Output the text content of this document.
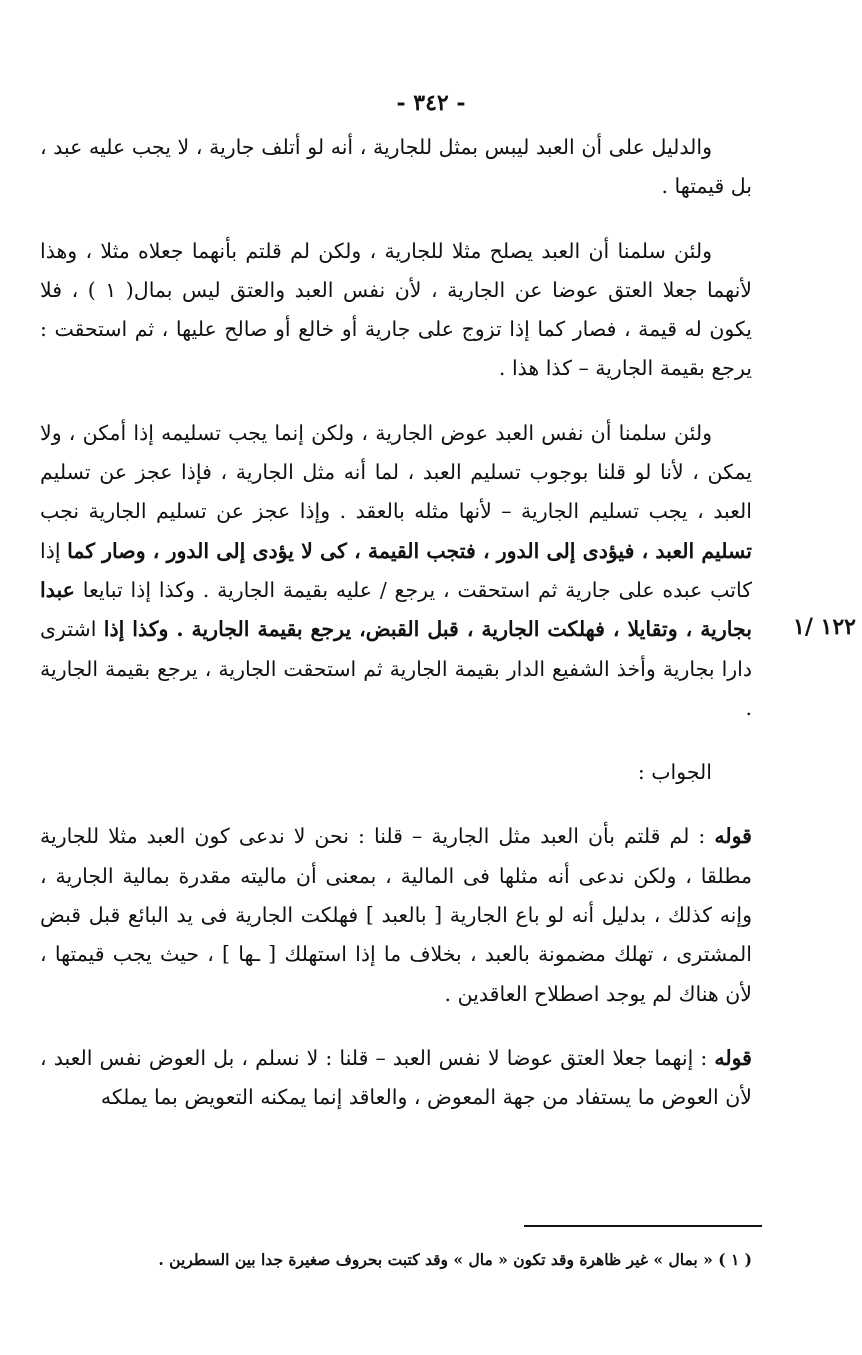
- ٣٤٢ -
١٢٢ /١

والدليل على أن العبد ليبس بمثل للجارية ، أنه لو أتلف جارية ، لا يجب عليه عبد ، بل قيمتها .

ولئن سلمنا أن العبد يصلح مثلا للجارية ، ولكن لم قلتم بأنهما جعلاه مثلا ، وهذا لأنهما جعلا العتق عوضا عن الجارية ، لأن نفس العبد والعتق ليس بمال( ١ ) ، فلا يكون له قيمة ، فصار كما إذا تزوج على جارية أو خالع أو صالح عليها ، ثم استحقت : يرجع بقيمة الجارية – كذا هذا .

ولئن سلمنا أن نفس العبد عوض الجارية ، ولكن إنما يجب تسليمه إذا أمكن ، ولا يمكن ، لأنا لو قلنا بوجوب تسليم العبد ، لما أنه مثل الجارية ، فإذا عجز عن تسليم العبد ، يجب تسليم الجارية – لأنها مثله بالعقد . وإذا عجز عن تسليم الجارية نجب تسليم العبد ، فيؤدى إلى الدور ، فتجب القيمة ، كى لا يؤدى إلى الدور ، وصار كما إذا كاتب عبده على جارية ثم استحقت ، يرجع / عليه بقيمة الجارية . وكذا إذا تبايعا عبدا بجارية ، وتقايلا ، فهلكت الجارية ، قبل القبض، يرجع بقيمة الجارية . وكذا إذا اشترى دارا بجارية وأخذ الشفيع الدار بقيمة الجارية ثم استحقت الجارية ، يرجع بقيمة الجارية .

الجواب :

قوله : لم قلتم بأن العبد مثل الجارية – قلنا : نحن لا ندعى كون العبد مثلا للجارية مطلقا ، ولكن ندعى أنه مثلها فى المالية ، بمعنى أن ماليته مقدرة بمالية الجارية ، وإنه كذلك ، بدليل أنه لو باع الجارية [ بالعبد ] فهلكت الجارية فى يد البائع قبل قبض المشترى ، تهلك مضمونة بالعبد ، بخلاف ما إذا استهلك [ ـها ] ، حيث يجب قيمتها ، لأن هناك لم يوجد اصطلاح العاقدين .

قوله : إنهما جعلا العتق عوضا لا نفس العبد – قلنا : لا نسلم ، بل العوض نفس العبد ، لأن العوض ما يستفاد من جهة المعوض ، والعاقد إنما يمكنه التعويض بما يملكه

( ١ ) « بمال » غير ظاهرة وقد تكون « مال » وقد كتبت بحروف صغيرة جدا بين السطرين .
